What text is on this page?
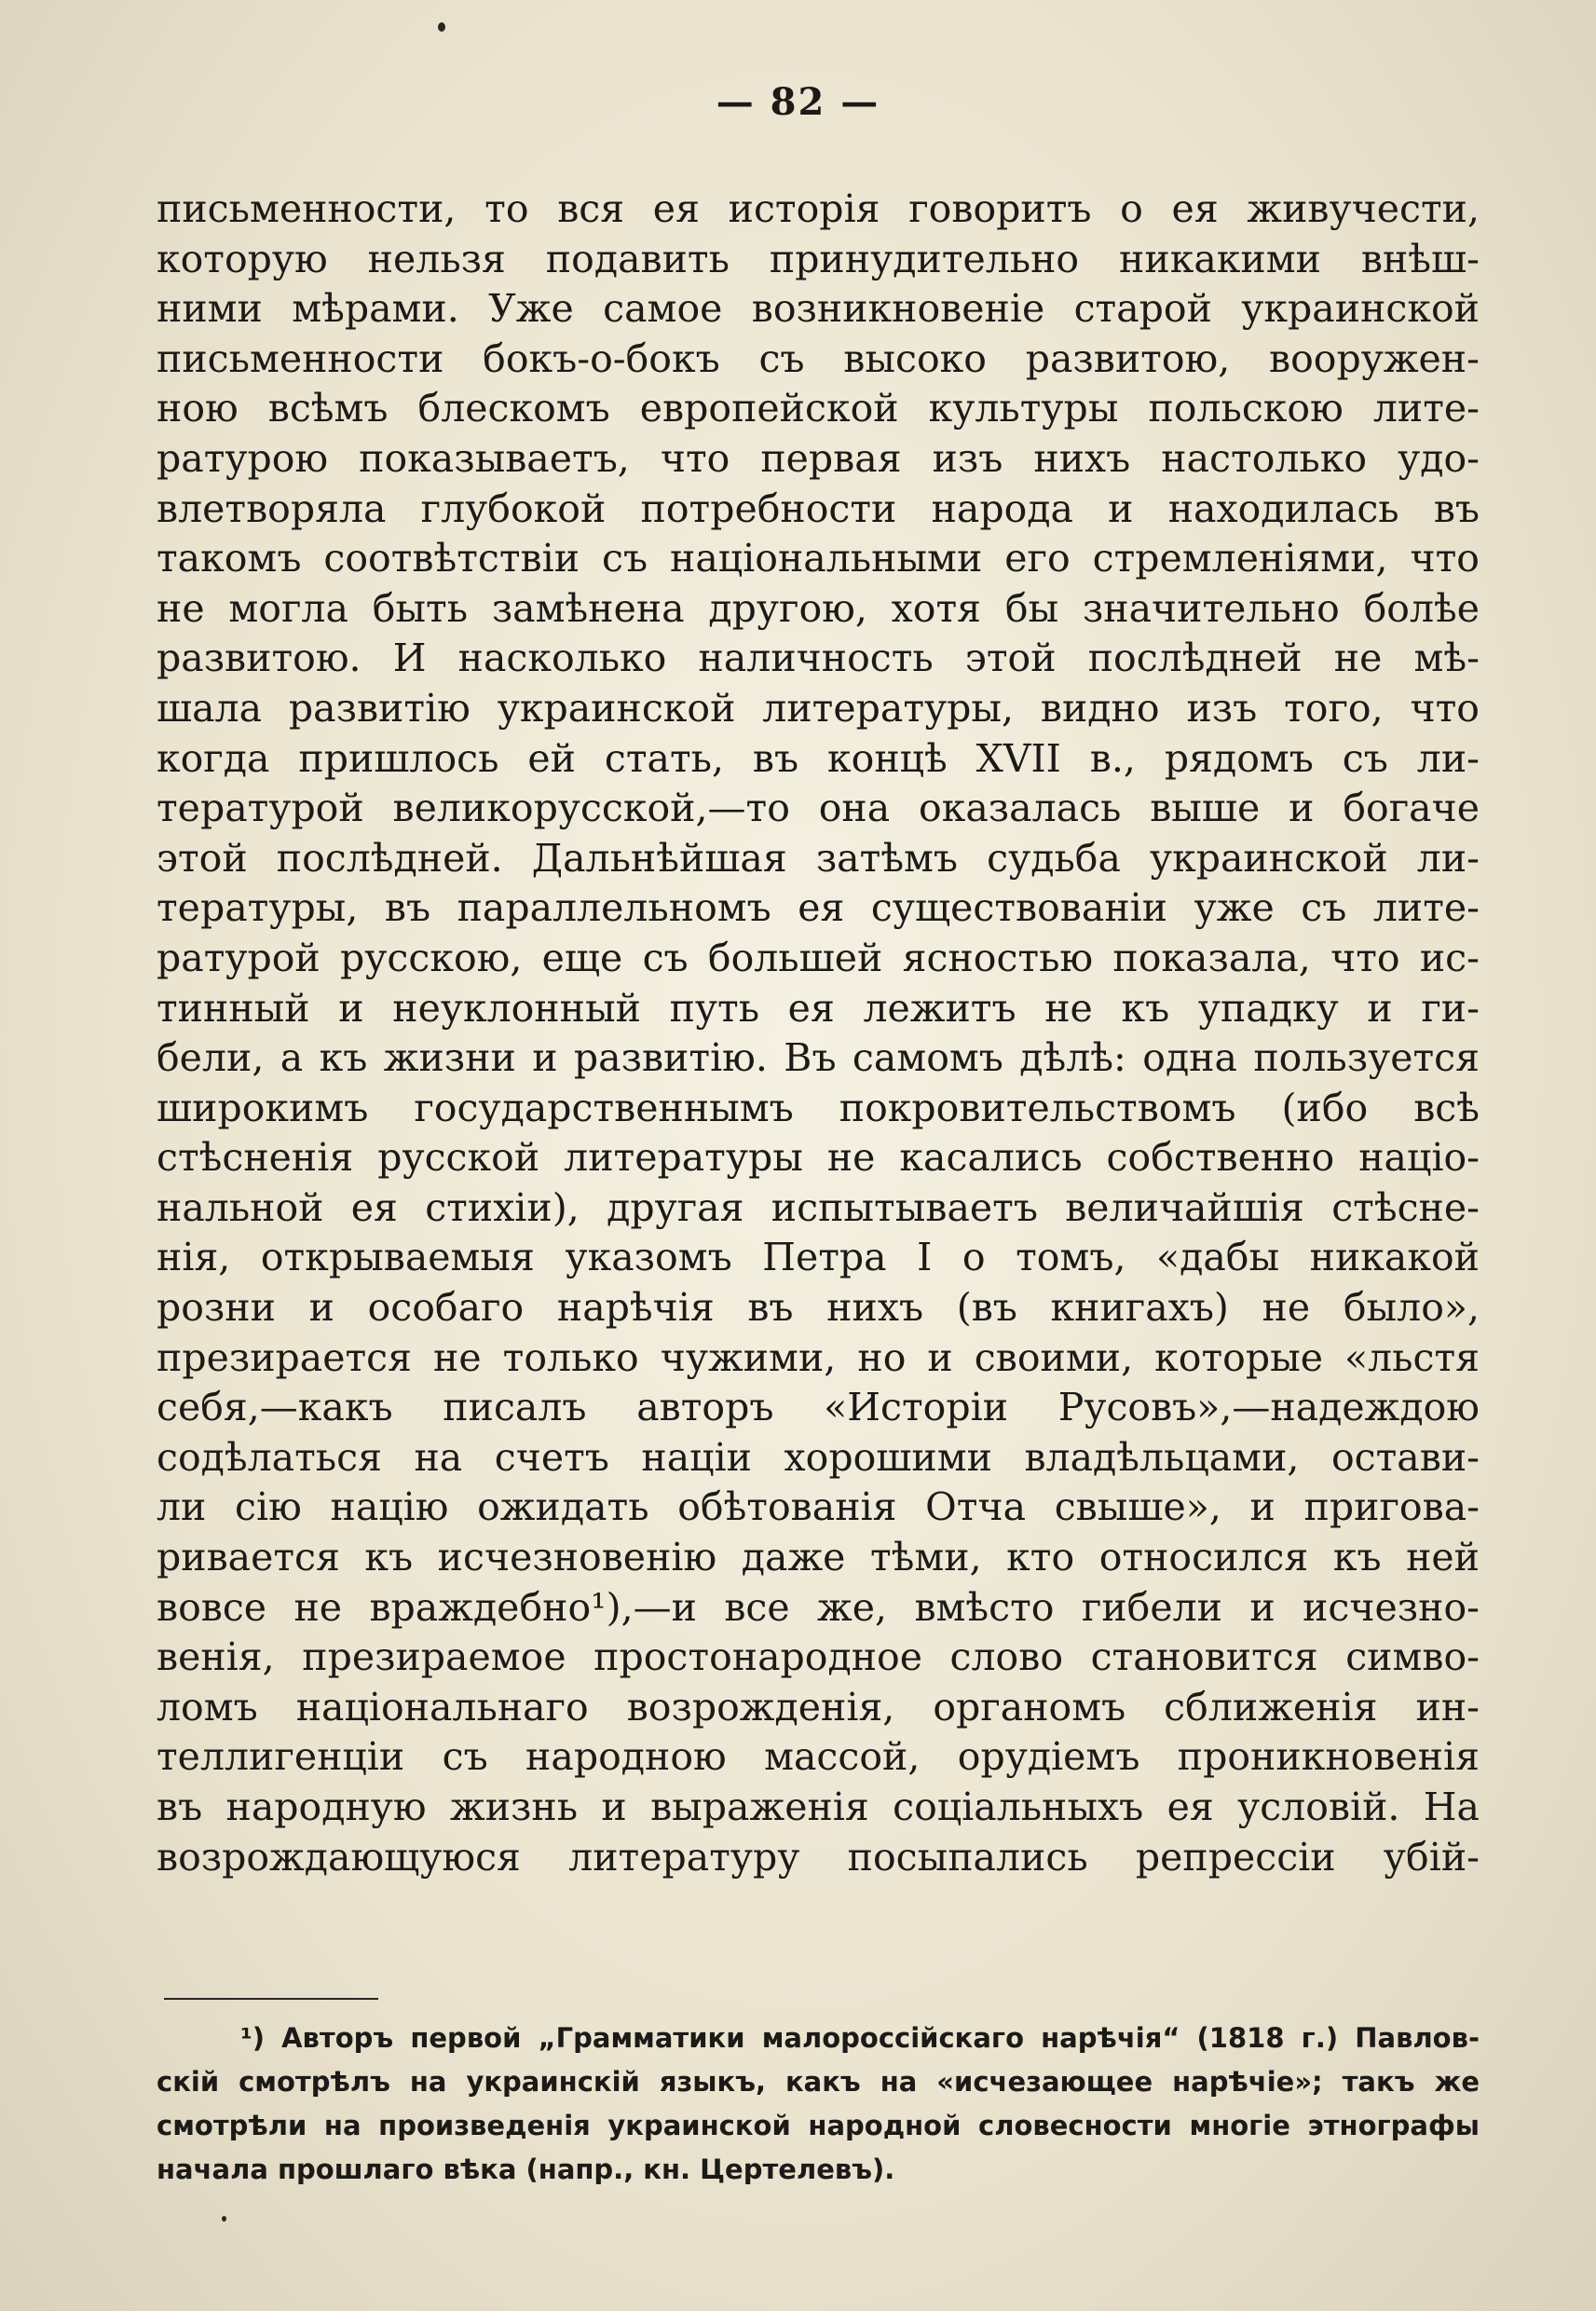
— 82 —
письменности, то вся ея исторія говоритъ о ея живучести,
которую нельзя подавить принудительно никакими внѣш-
ними мѣрами. Уже самое возникновеніе старой украинской
письменности бокъ-о-бокъ съ высоко развитою, вооружен-
ною всѣмъ блескомъ европейской культуры польскою лите-
ратурою показываетъ, что первая изъ нихъ настолько удо-
влетворяла глубокой потребности народа и находилась въ
такомъ соотвѣтствіи съ національными его стремленіями, что
не могла быть замѣнена другою, хотя бы значительно болѣе
развитою. И насколько наличность этой послѣдней не мѣ-
шала развитію украинской литературы, видно изъ того, что
когда пришлось ей стать, въ концѣ XVII в., рядомъ съ ли-
тературой великорусской,—то она оказалась выше и богаче
этой послѣдней. Дальнѣйшая затѣмъ судьба украинской ли-
тературы, въ параллельномъ ея существованіи уже съ лите-
ратурой русскою, еще съ большей ясностью показала, что ис-
тинный и неуклонный путь ея лежитъ не къ упадку и ги-
бели, а къ жизни и развитію. Въ самомъ дѣлѣ: одна пользуется
широкимъ государственнымъ покровительствомъ (ибо всѣ
стѣсненія русской литературы не касались собственно націо-
нальной ея стихіи), другая испытываетъ величайшія стѣсне-
нія, открываемыя указомъ Петра I о томъ, «дабы никакой
розни и особаго нарѣчія въ нихъ (въ книгахъ) не было»,
презирается не только чужими, но и своими, которые «льстя
себя,—какъ писалъ авторъ «Исторіи Русовъ»,—надеждою
содѣлаться на счетъ націи хорошими владѣльцами, остави-
ли сію націю ожидать обѣтованія Отча свыше», и пригова-
ривается къ исчезновенію даже тѣми, кто относился къ ней
вовсе не враждебно¹),—и все же, вмѣсто гибели и исчезно-
венія, презираемое простонародное слово становится симво-
ломъ національнаго возрожденія, органомъ сближенія ин-
теллигенціи съ народною массой, орудіемъ проникновенія
въ народную жизнь и выраженія соціальныхъ ея условій. На
возрождающуюся литературу посыпались репрессіи убій-
¹) Авторъ первой „Грамматики малороссійскаго нарѣчія“ (1818 г.) Павлов-
скій смотрѣлъ на украинскій языкъ, какъ на «исчезающее нарѣчіе»; такъ же
смотрѣли на произведенія украинской народной словесности многіе этнографы
начала прошлаго вѣка (напр., кн. Цертелевъ).
